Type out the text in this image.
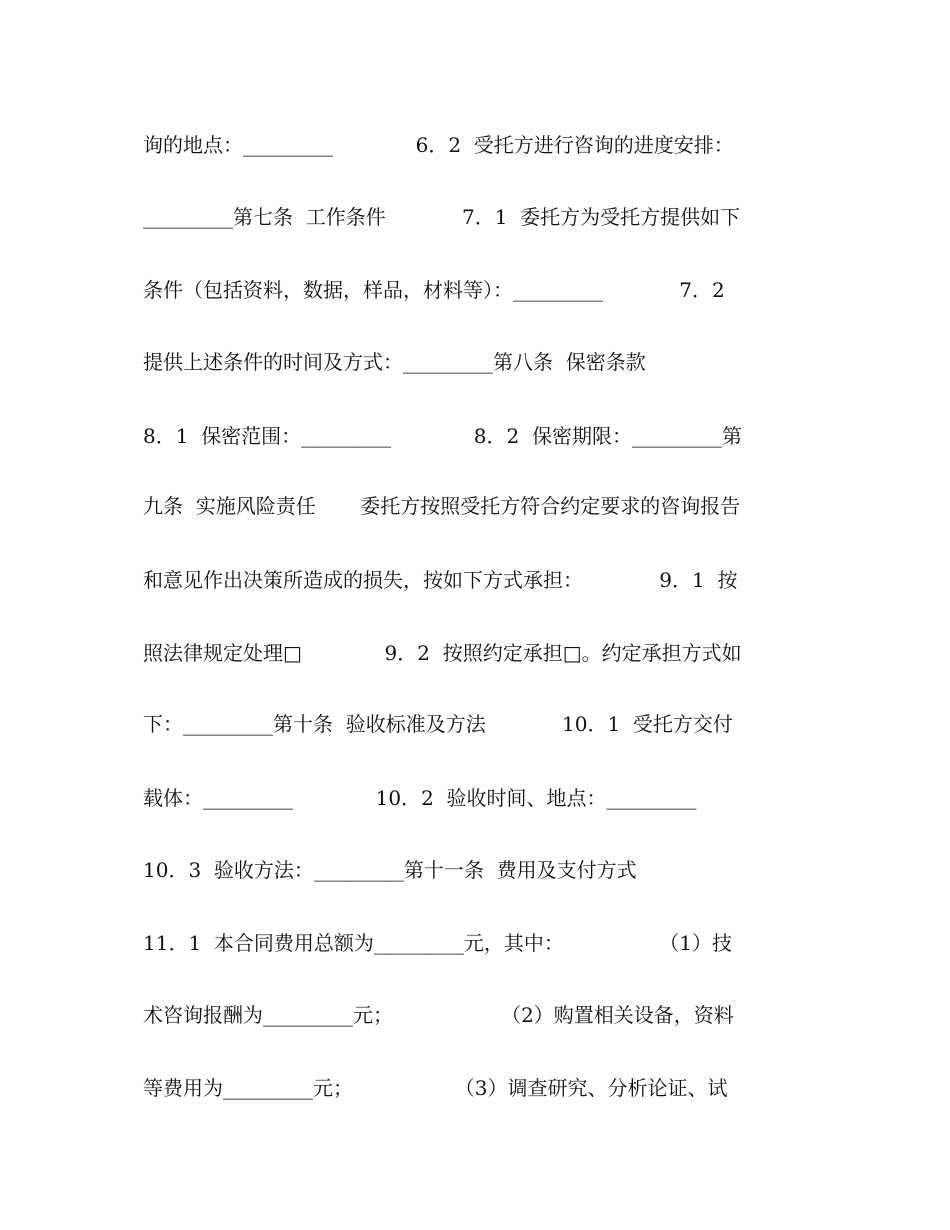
询的地点：_________             6．2  受托方进行咨询的进度安排：
_________第七条  工作条件            7．1  委托方为受托方提供如下
条件（包括资料，数据，样品，材料等）：_________            7．2
提供上述条件的时间及方式：_________第八条  保密条款
8．1  保密范围：_________             8．2  保密期限：_________第
九条  实施风险责任       委托方按照受托方符合约定要求的咨询报告
和意见作出决策所造成的损失，按如下方式承担：            9．1  按
照法律规定处理□             9．2  按照约定承担□。约定承担方式如
下：_________第十条  验收标准及方法            10．1  受托方交付
载体：_________             10．2  验收时间、地点：_________
10．3  验收方法：_________第十一条  费用及支付方式
11．1  本合同费用总额为_________元，其中：               （1）技
术咨询报酬为_________元；                 （2）购置相关设备，资料
等费用为_________元；                （3）调查研究、分析论证、试
